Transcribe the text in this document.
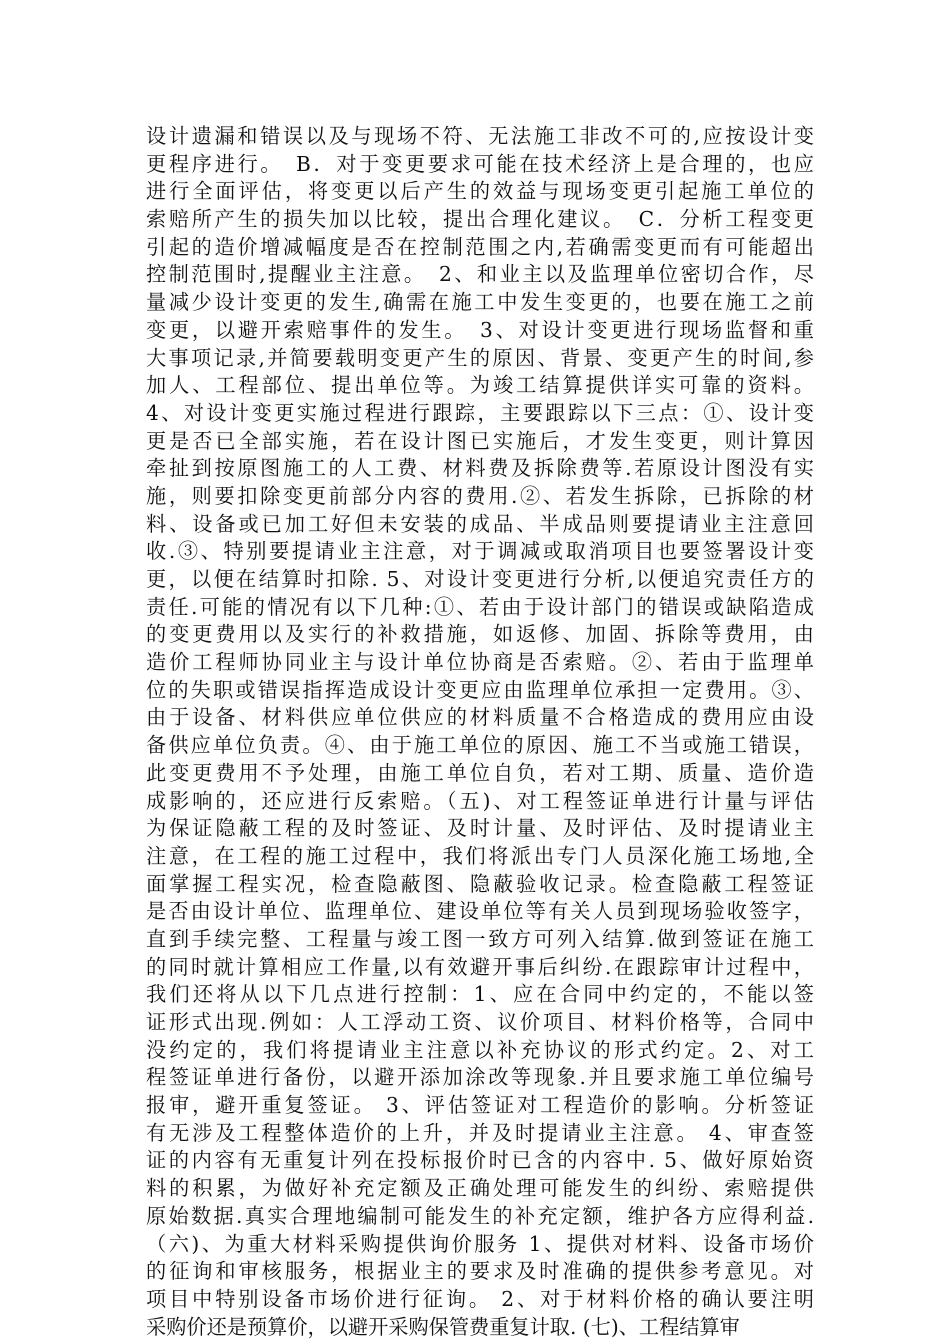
设计遗漏和错误以及与现场不符、无法施工非改不可的,应按设计变
更程序进行。　B．对于变更要求可能在技术经济上是合理的，也应
进行全面评估，将变更以后产生的效益与现场变更引起施工单位的
索赔所产生的损失加以比较，提出合理化建议。　C．分析工程变更
引起的造价增减幅度是否在控制范围之内,若确需变更而有可能超出
控制范围时,提醒业主注意。　2、和业主以及监理单位密切合作，尽
量减少设计变更的发生,确需在施工中发生变更的，也要在施工之前
变更，以避开索赔事件的发生。　3、对设计变更进行现场监督和重
大事项记录,并简要载明变更产生的原因、背景、变更产生的时间,参
加人、工程部位、提出单位等。为竣工结算提供详实可靠的资料。
4、对设计变更实施过程进行跟踪，主要跟踪以下三点：①、设计变
更是否已全部实施，若在设计图已实施后，才发生变更，则计算因
牵扯到按原图施工的人工费、材料费及拆除费等.若原设计图没有实
施，则要扣除变更前部分内容的费用.②、若发生拆除，已拆除的材
料、设备或已加工好但未安装的成品、半成品则要提请业主注意回
收.③、特别要提请业主注意，对于调减或取消项目也要签署设计变
更，以便在结算时扣除. 5、对设计变更进行分析,以便追究责任方的
责任.可能的情况有以下几种:①、若由于设计部门的错误或缺陷造成
的变更费用以及实行的补救措施，如返修、加固、拆除等费用，由
造价工程师协同业主与设计单位协商是否索赔。②、若由于监理单
位的失职或错误指挥造成设计变更应由监理单位承担一定费用。③、
由于设备、材料供应单位供应的材料质量不合格造成的费用应由设
备供应单位负责。④、由于施工单位的原因、施工不当或施工错误，
此变更费用不予处理，由施工单位自负，若对工期、质量、造价造
成影响的，还应进行反索赔。（五)、对工程签证单进行计量与评估
为保证隐蔽工程的及时签证、及时计量、及时评估、及时提请业主
注意，在工程的施工过程中，我们将派出专门人员深化施工场地,全
面掌握工程实况，检查隐蔽图、隐蔽验收记录。检查隐蔽工程签证
是否由设计单位、监理单位、建设单位等有关人员到现场验收签字，
直到手续完整、工程量与竣工图一致方可列入结算.做到签证在施工
的同时就计算相应工作量,以有效避开事后纠纷.在跟踪审计过程中，
我们还将从以下几点进行控制：1、应在合同中约定的，不能以签
证形式出现.例如：人工浮动工资、议价项目、材料价格等，合同中
没约定的，我们将提请业主注意以补充协议的形式约定。2、对工
程签证单进行备份，以避开添加涂改等现象.并且要求施工单位编号
报审，避开重复签证。 3、评估签证对工程造价的影响。分析签证
有无涉及工程整体造价的上升，并及时提请业主注意。 4、审查签
证的内容有无重复计列在投标报价时已含的内容中. 5、做好原始资
料的积累，为做好补充定额及正确处理可能发生的纠纷、索赔提供
原始数据.真实合理地编制可能发生的补充定额，维护各方应得利益.
（六)、为重大材料采购提供询价服务 1、提供对材料、设备市场价
的征询和审核服务，根据业主的要求及时准确的提供参考意见。对
项目中特别设备市场价进行征询。 2、对于材料价格的确认要注明
采购价还是预算价，以避开采购保管费重复计取. (七)、工程结算审
